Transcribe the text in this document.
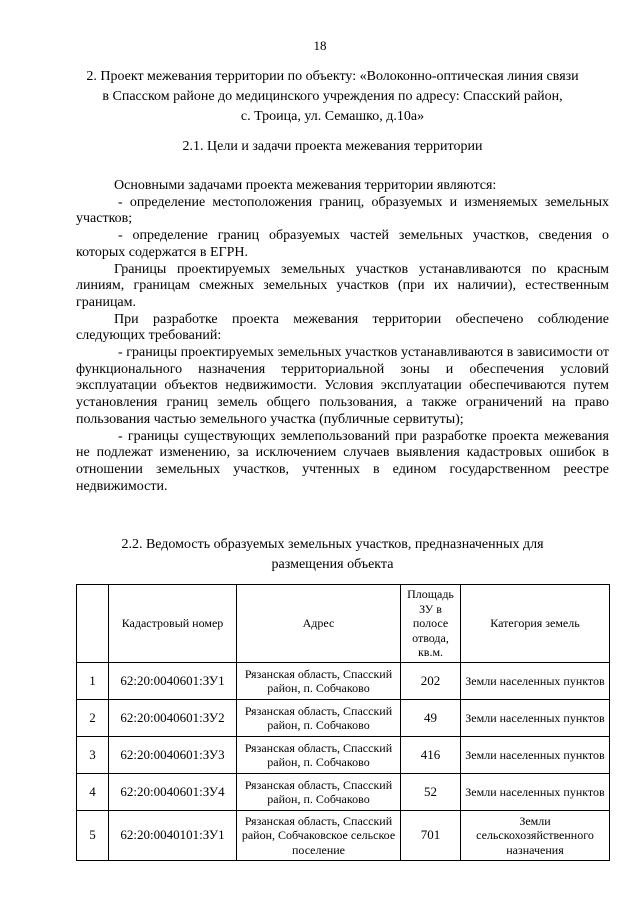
18
2. Проект межевания территории по объекту: «Волоконно-оптическая линия связи
в Спасском районе до медицинского учреждения по адресу: Спасский район,
с. Троица, ул. Семашко, д.10а»
2.1. Цели и задачи проекта межевания территории

Основными задачами проекта межевания территории являются:

- определение местоположения границ, образуемых и изменяемых земельных участков;

- определение границ образуемых частей земельных участков, сведения о которых содержатся в ЕГРН.

Границы проектируемых земельных участков устанавливаются по красным линиям, границам смежных земельных участков (при их наличии), естественным границам.

При разработке проекта межевания территории обеспечено соблюдение следующих требований:

- границы проектируемых земельных участков устанавливаются в зависимости от функционального назначения территориальной зоны и обеспечения условий эксплуатации объектов недвижимости. Условия эксплуатации обеспечиваются путем установления границ земель общего пользования, а также ограничений на право пользования частью земельного участка (публичные сервитуты);

- границы существующих землепользований при разработке проекта межевания не подлежат изменению, за исключением случаев выявления кадастровых ошибок в отношении земельных участков, учтенных в едином государственном реестре недвижимости.

2.2. Ведомость образуемых земельных участков, предназначенных для
размещения объекта
	Кадастровый номер	Адрес	Площадь ЗУ в полосе отвода, кв.м.	Категория земель
1	62:20:0040601:ЗУ1	Рязанская область, Спасский район, п. Собчаково	202	Земли населенных пунктов
2	62:20:0040601:ЗУ2	Рязанская область, Спасский район, п. Собчаково	49	Земли населенных пунктов
3	62:20:0040601:ЗУ3	Рязанская область, Спасский район, п. Собчаково	416	Земли населенных пунктов
4	62:20:0040601:ЗУ4	Рязанская область, Спасский район, п. Собчаково	52	Земли населенных пунктов
5	62:20:0040101:ЗУ1	Рязанская область, Спасский район, Собчаковское сельское поселение	701	Земли сельскохозяйственного назначения
